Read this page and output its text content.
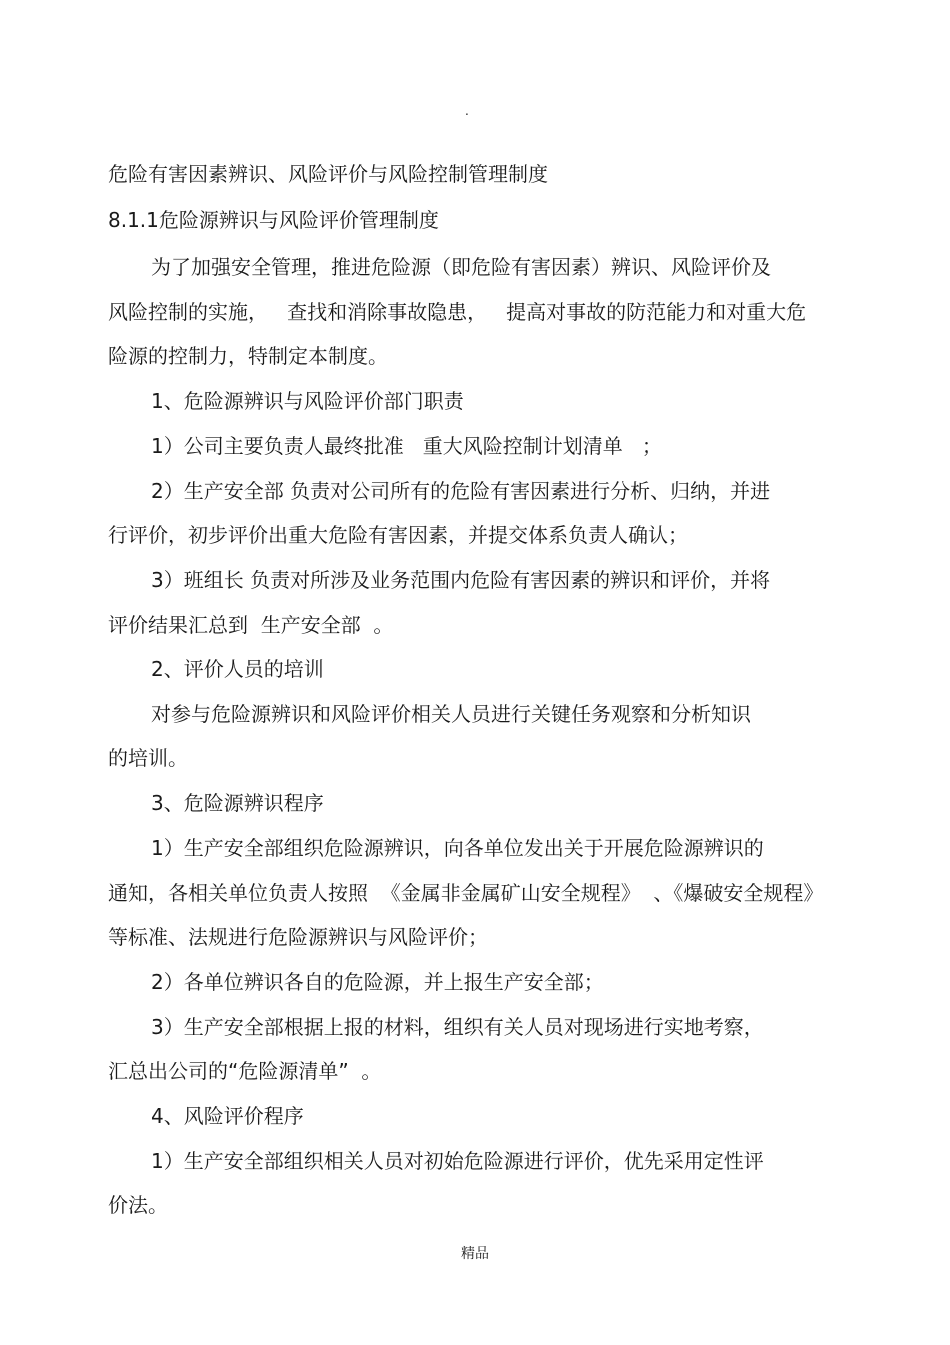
.
危险有害因素辨识、风险评价与风险控制管理制度
8.1.1危险源辨识与风险评价管理制度
为了加强安全管理，推进危险源（即危险有害因素）辨识、风险评价及
风险控制的实施，   查找和消除事故隐患，   提高对事故的防范能力和对重大危
险源的控制力，特制定本制度。
1、危险源辨识与风险评价部门职责
1）公司主要负责人最终批准   重大风险控制计划清单   ；
2）生产安全部 负责对公司所有的危险有害因素进行分析、归纳，并进
行评价，初步评价出重大危险有害因素，并提交体系负责人确认；
3）班组长 负责对所涉及业务范围内危险有害因素的辨识和评价，并将
评价结果汇总到  生产安全部  。
2、评价人员的培训
对参与危险源辨识和风险评价相关人员进行关键任务观察和分析知识
的培训。
3、危险源辨识程序
1）生产安全部组织危险源辨识，向各单位发出关于开展危险源辨识的
通知，各相关单位负责人按照  《金属非金属矿山安全规程》  、《爆破安全规程》
等标准、法规进行危险源辨识与风险评价；
2）各单位辨识各自的危险源，并上报生产安全部；
3）生产安全部根据上报的材料，组织有关人员对现场进行实地考察，
汇总出公司的“危险源清单”  。
4、风险评价程序
1）生产安全部组织相关人员对初始危险源进行评价，优先采用定性评
价法。
精品
